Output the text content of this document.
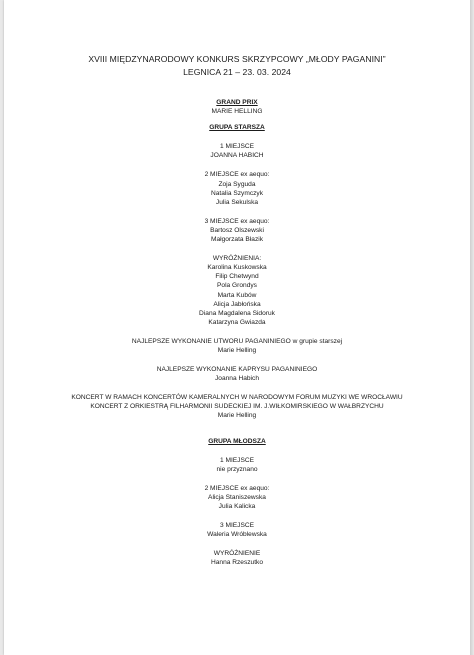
XVIII MIĘDZYNARODOWY KONKURS SKRZYPCOWY „MŁODY PAGANINI”
LEGNICA 21 – 23. 03. 2024
GRAND PRIX
MARIE HELLING
GRUPA STARSZA
1 MIEJSCE
JOANNA HABICH
2 MIEJSCE ex aequo:
Zoja Syguda
Natalia Szymczyk
Julia Sekulska
3 MIEJSCE ex aequo:
Bartosz Olszewski
Małgorzata Błazik
WYRÓŻNIENIA:
Karolina Kuskowska
Filip Chetwynd
Pola Grondys
Marta Kubów
Alicja Jabłońska
Diana Magdalena Sidoruk
Katarzyna Gwiazda
NAJLEPSZE WYKONANIE UTWORU PAGANINIEGO w grupie starszej
Marie Helling
NAJLEPSZE WYKONANIE KAPRYSU PAGANINIEGO
Joanna Habich
KONCERT W RAMACH KONCERTÓW KAMERALNYCH W NARODOWYM FORUM MUZYKI WE WROCŁAWIU
KONCERT Z ORKIESTRĄ FILHARMONII SUDECKIEJ IM. J.WIŁKOMIRSKIEGO W WAŁBRZYCHU
Marie Helling
GRUPA MŁODSZA
1 MIEJSCE
nie przyznano
2 MIEJSCE ex aequo:
Alicja Staniszewska
Julia Kalicka
3 MIEJSCE
Waleria Wróblewska
WYRÓŻNIENIE
Hanna Rzeszutko
